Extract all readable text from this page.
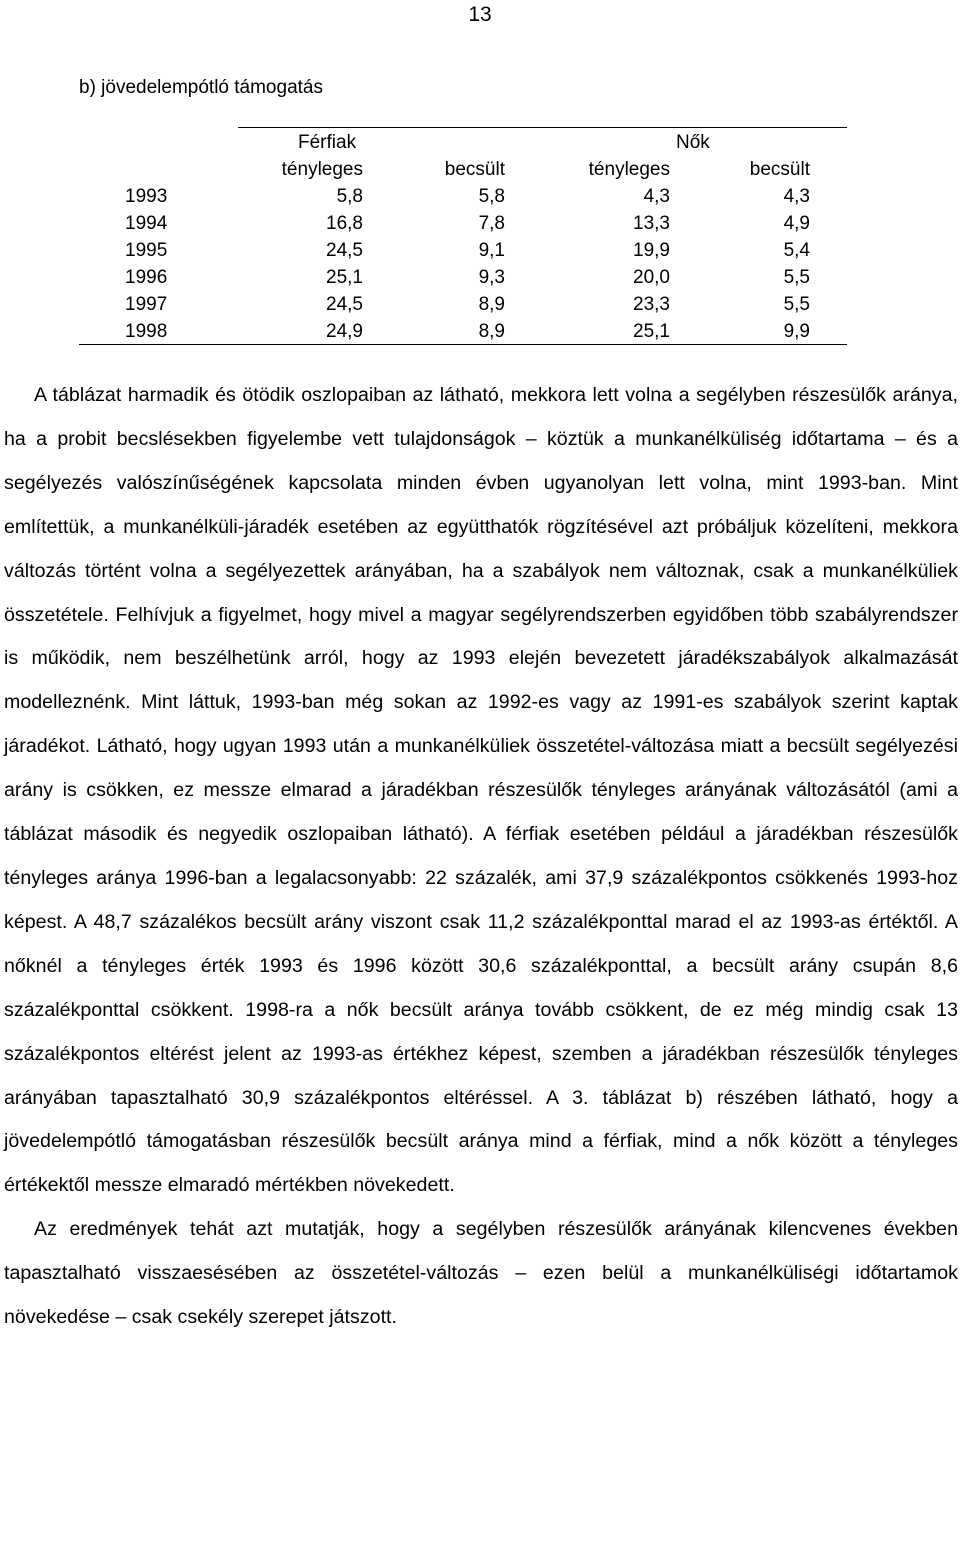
13
b) jövedelempótló támogatás
Férfiak	Nők
tényleges	becsült	tényleges	becsült
1993	5,8	5,8	4,3	4,3
1994	16,8	7,8	13,3	4,9
1995	24,5	9,1	19,9	5,4
1996	25,1	9,3	20,0	5,5
1997	24,5	8,9	23,3	5,5
1998	24,9	8,9	25,1	9,9

A táblázat harmadik és ötödik oszlopaiban az látható, mekkora lett volna a segélyben részesülők aránya, ha a probit becslésekben figyelembe vett tulajdonságok – köztük a munkanélküliség időtartama – és a segélyezés valószínűségének kapcsolata minden évben ugyanolyan lett volna, mint 1993-ban. Mint említettük, a munkanélküli-járadék esetében az együtthatók rögzítésével azt próbáljuk közelíteni, mekkora változás történt volna a segélyezettek arányában, ha a szabályok nem változnak, csak a munkanélküliek összetétele. Felhívjuk a figyelmet, hogy mivel a magyar segélyrendszerben egyidőben több szabályrendszer is működik, nem beszélhetünk arról, hogy az 1993 elején bevezetett járadékszabályok alkalmazását modelleznénk. Mint láttuk, 1993-ban még sokan az 1992-es vagy az 1991-es szabályok szerint kaptak járadékot. Látható, hogy ugyan 1993 után a munkanélküliek összetétel-változása miatt a becsült segélyezési arány is csökken, ez messze elmarad a járadékban részesülők tényleges arányának változásától (ami a táblázat második és negyedik oszlopaiban látható). A férfiak esetében például a járadékban részesülők tényleges aránya 1996-ban a legalacsonyabb: 22 százalék, ami 37,9 százalékpontos csökkenés 1993-hoz képest. A 48,7 százalékos becsült arány viszont csak 11,2 százalékponttal marad el az 1993-as értéktől. A nőknél a tényleges érték 1993 és 1996 között 30,6 százalékponttal, a becsült arány csupán 8,6 százalékponttal csökkent. 1998-ra a nők becsült aránya tovább csökkent, de ez még mindig csak 13 százalékpontos eltérést jelent az 1993-as értékhez képest, szemben a járadékban részesülők tényleges arányában tapasztalható 30,9 százalékpontos eltéréssel. A 3. táblázat b) részében látható, hogy a jövedelempótló támogatásban részesülők becsült aránya mind a férfiak, mind a nők között a tényleges értékektől messze elmaradó mértékben növekedett.

Az eredmények tehát azt mutatják, hogy a segélyben részesülők arányának kilencvenes években tapasztalható visszaesésében az összetétel-változás – ezen belül a munkanélküliségi időtartamok növekedése – csak csekély szerepet játszott.
